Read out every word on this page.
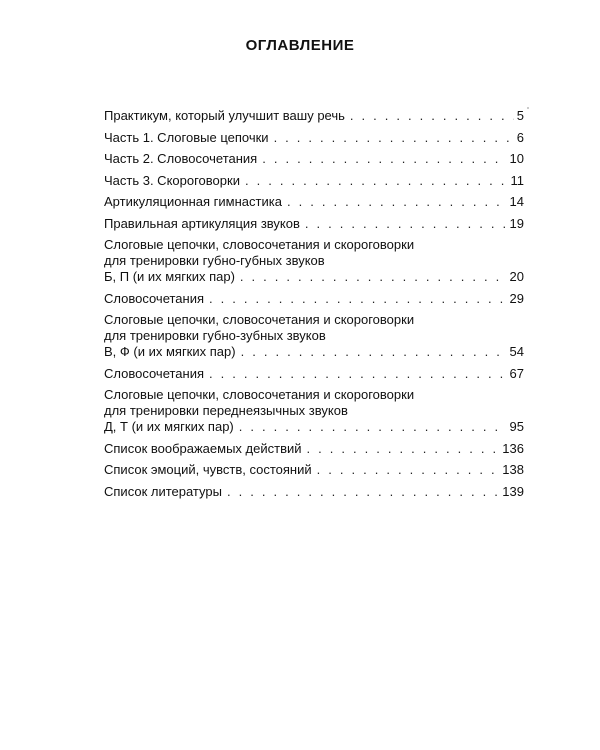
ОГЛАВЛЕНИЕ
Практикум, который улучшит вашу речь . . .	5
Часть 1. Слоговые цепочки . . .	6
Часть 2. Словосочетания . . .	10
Часть 3. Скороговорки . . .	11
Артикуляционная гимнастика . . .	14
Правильная артикуляция звуков . . .	19
Слоговые цепочки, словосочетания и скороговорки
для тренировки губно-губных звуков
Б, П (и их мягких пар) . . .	20
Словосочетания . . .	29
Слоговые цепочки, словосочетания и скороговорки
для тренировки губно-зубных звуков
В, Ф (и их мягких пар) . . .	54
Словосочетания . . .	67
Слоговые цепочки, словосочетания и скороговорки
для тренировки переднеязычных звуков
Д, Т (и их мягких пар) . . .	95
Список воображаемых действий . . .	136
Список эмоций, чувств, состояний . . .	138
Список литературы . . .	139
